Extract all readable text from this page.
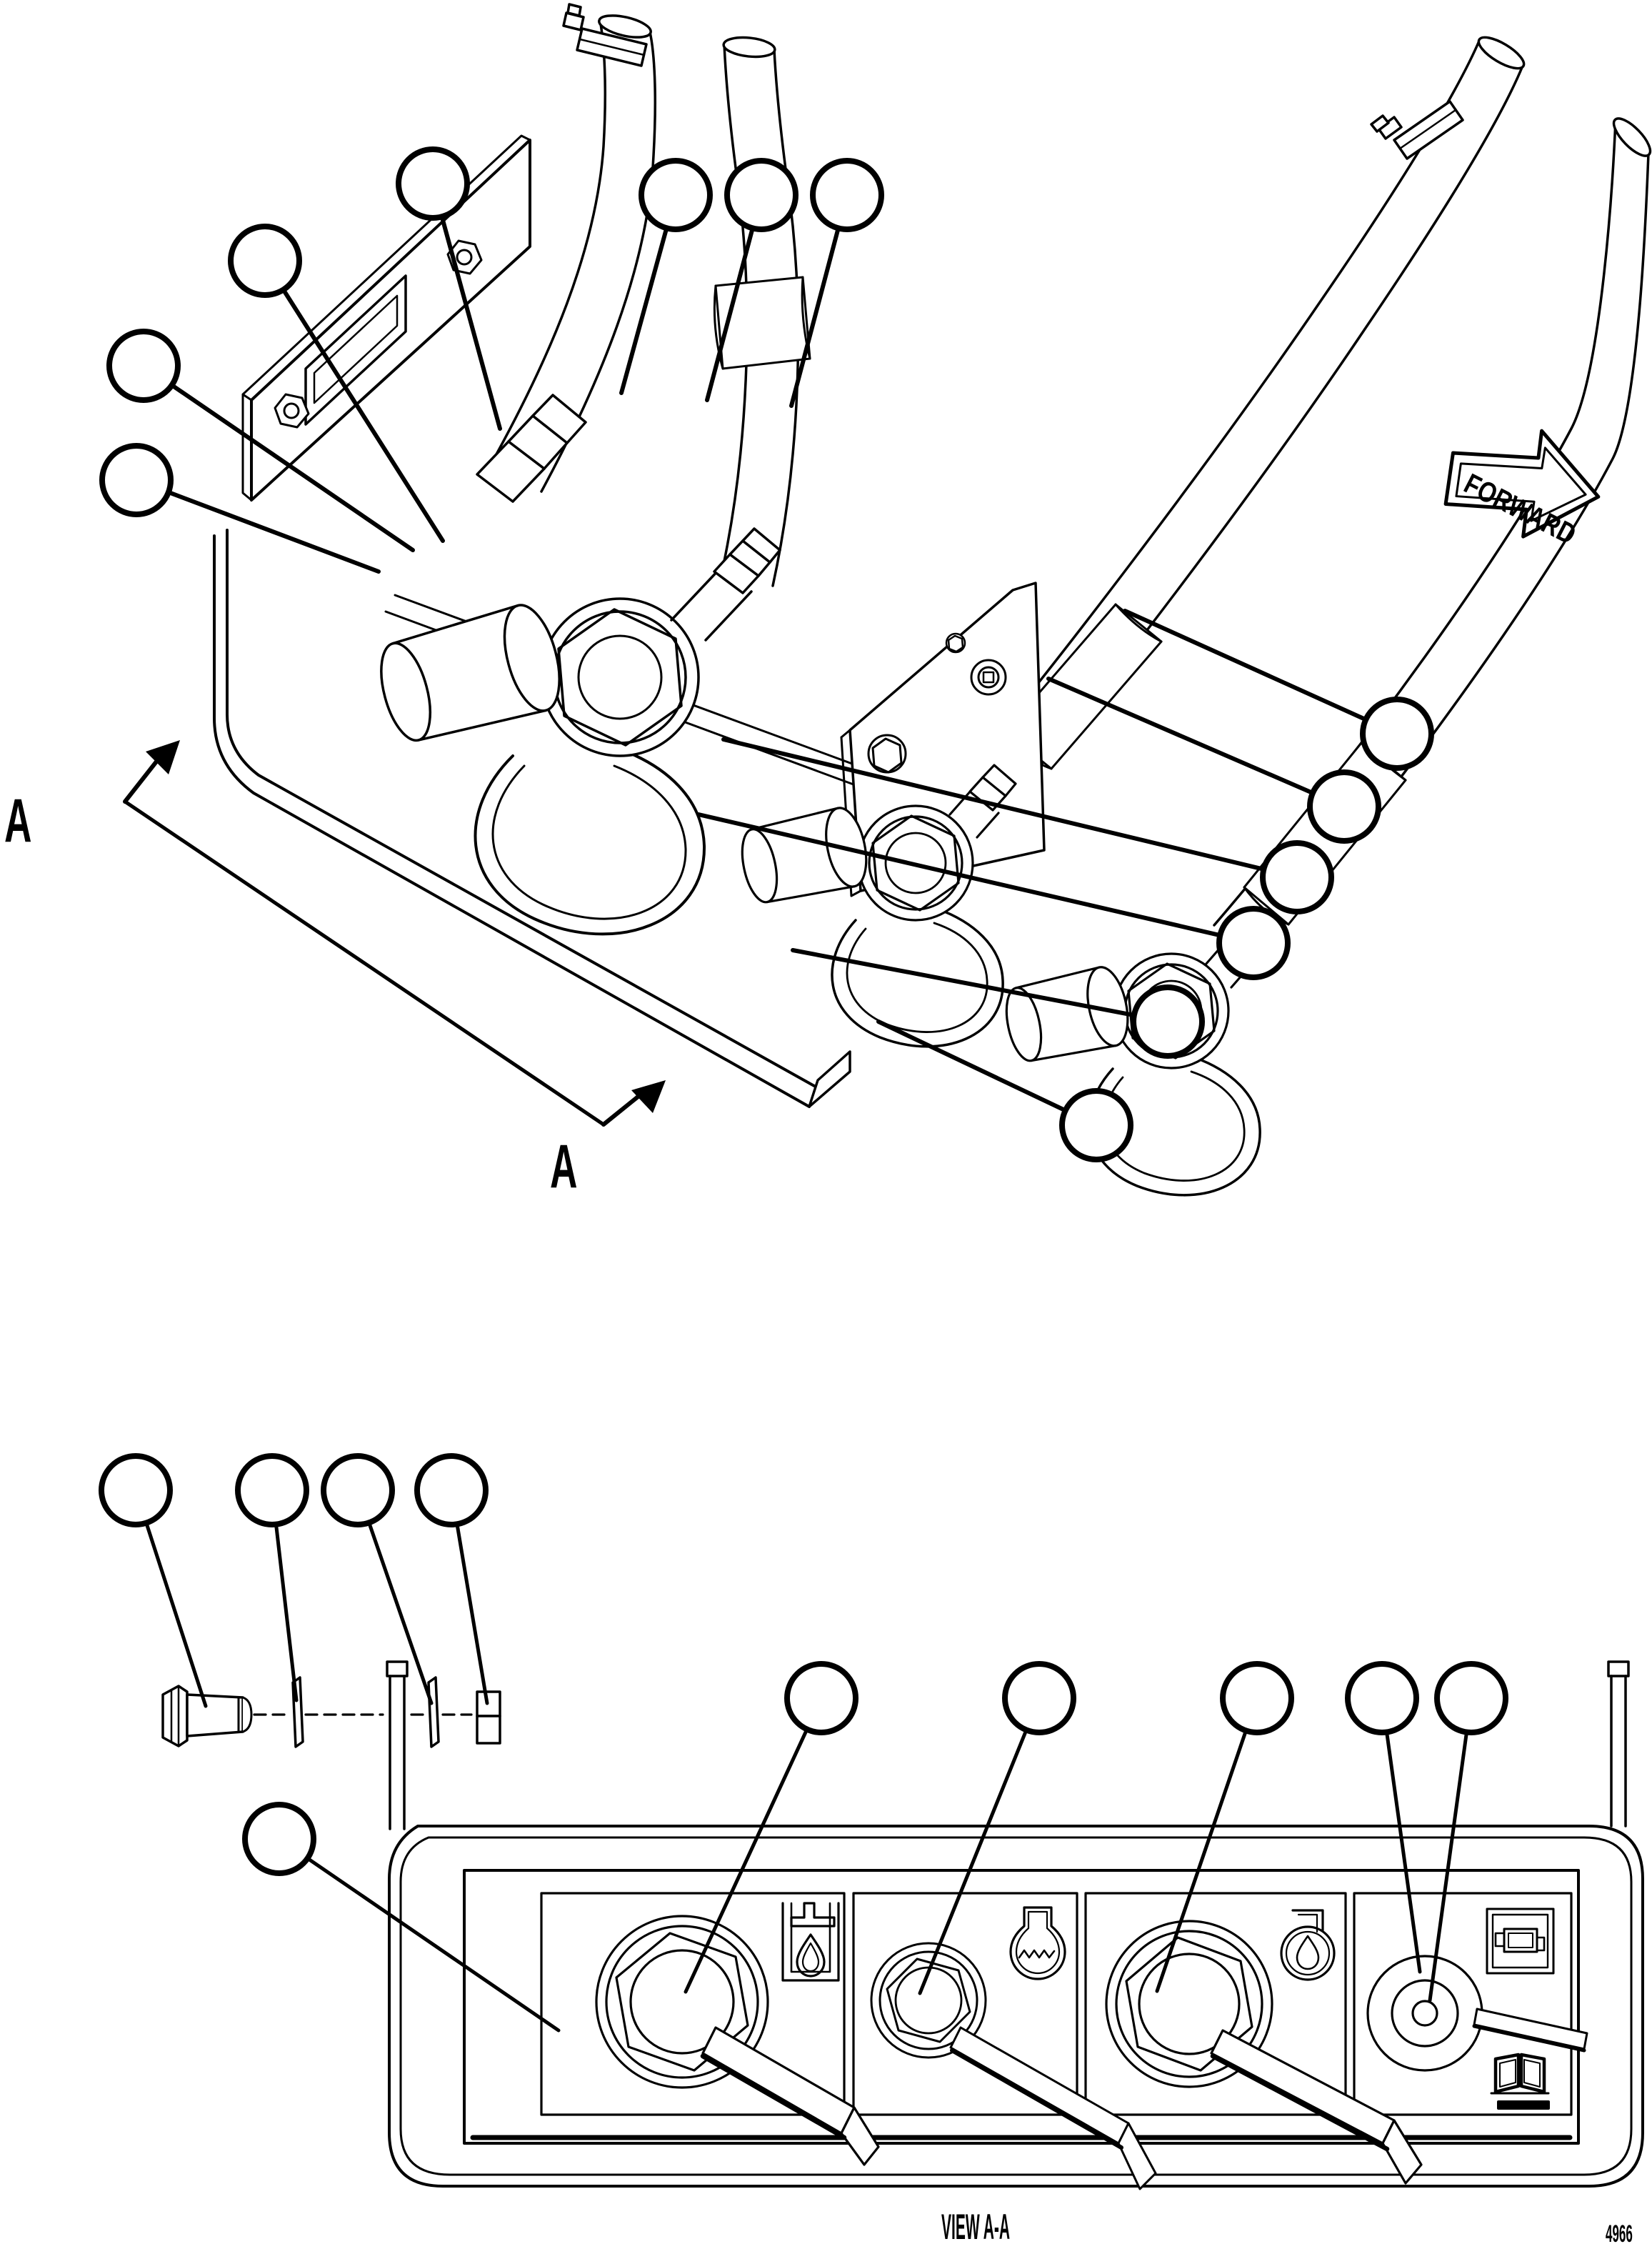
FORWARD
A
A
VIEW A-A	4966
